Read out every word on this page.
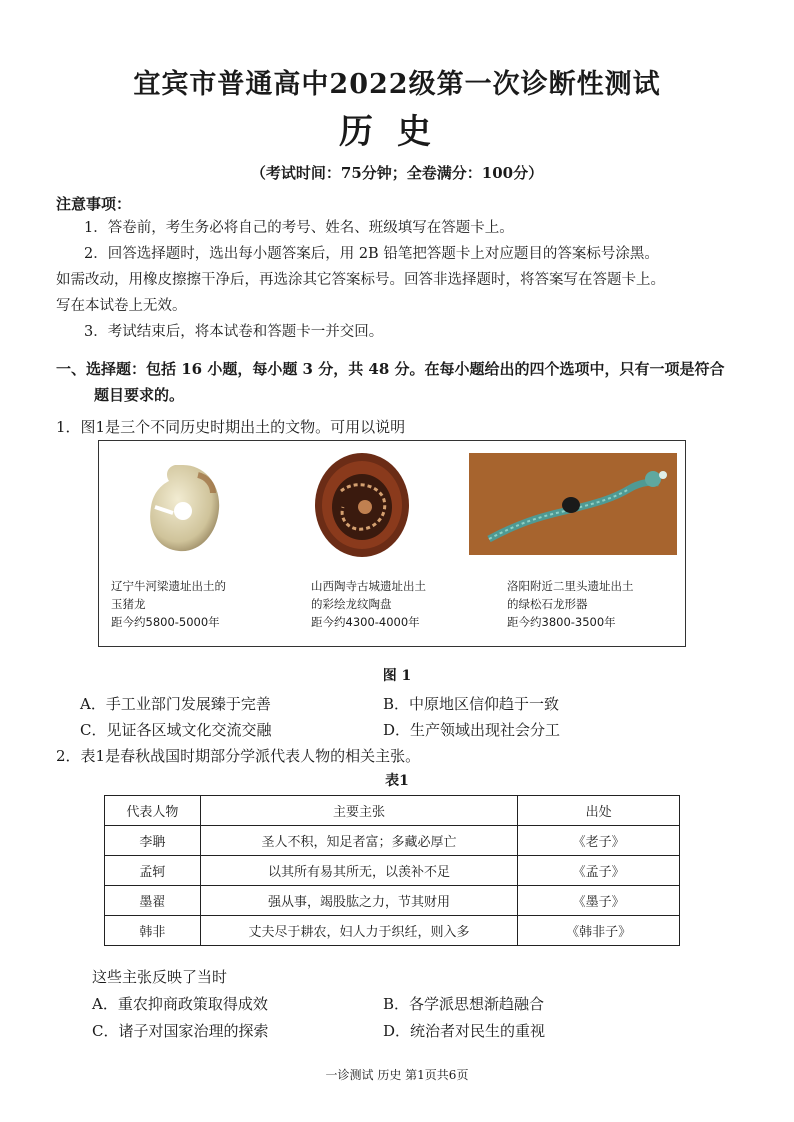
宜宾市普通高中2022级第一次诊断性测试
历史
（考试时间：75分钟；全卷满分：100分）
注意事项：

1．答卷前，考生务必将自己的考号、姓名、班级填写在答题卡上。

2．回答选择题时，选出每小题答案后，用 2B 铅笔把答题卡上对应题目的答案标号涂黑。

如需改动，用橡皮擦擦干净后，再选涂其它答案标号。回答非选择题时，将答案写在答题卡上。

写在本试卷上无效。

3．考试结束后，将本试卷和答题卡一并交回。

一、选择题：包括 16 小题，每小题 3 分，共 48 分。在每小题给出的四个选项中，只有一项是符合
题目要求的。
1．图1是三个不同历史时期出土的文物。可用以说明
辽宁牛河梁遗址出土的
玉猪龙
距今约5800-5000年
山西陶寺古城遗址出土
的彩绘龙纹陶盘
距今约4300-4000年
洛阳附近二里头遗址出土
的绿松石龙形器
距今约3800-3500年
图 1
A．手工业部门发展臻于完善	B．中原地区信仰趋于一致
C．见证各区域文化交流交融	D．生产领域出现社会分工
2．表1是春秋战国时期部分学派代表人物的相关主张。
表1
代表人物	主要主张	出处
李聃	圣人不积，知足者富；多藏必厚亡	《老子》
孟轲	以其所有易其所无，以羡补不足	《孟子》
墨翟	强从事，竭股肱之力，节其财用	《墨子》
韩非	丈夫尽于耕农，妇人力于织纴，则入多	《韩非子》
这些主张反映了当时
A．重农抑商政策取得成效	B．各学派思想渐趋融合
C．诸子对国家治理的探索	D．统治者对民生的重视
一诊测试 历史 第1页共6页
